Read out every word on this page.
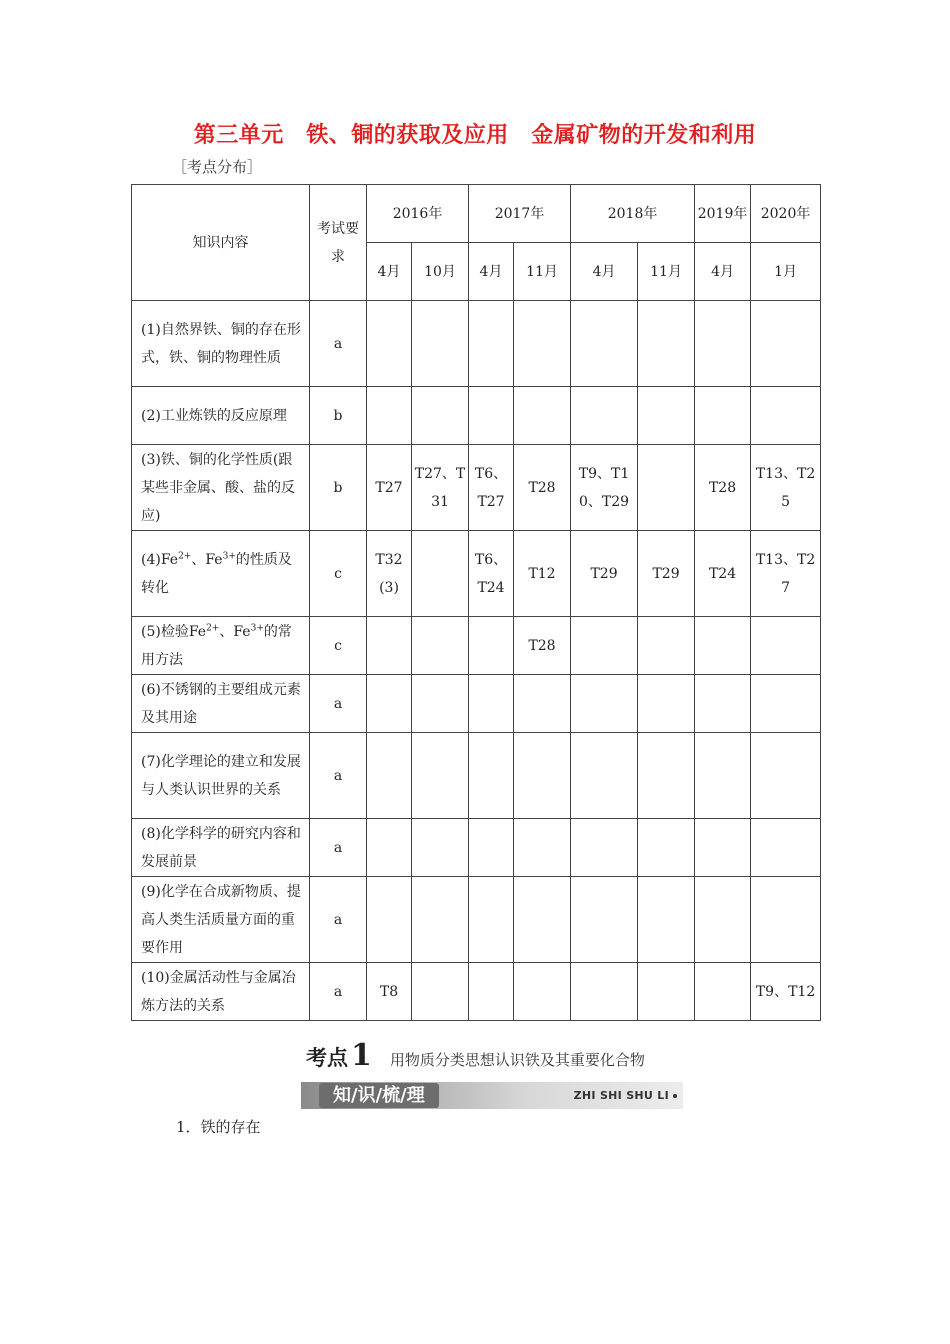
第三单元　铁、铜的获取及应用　金属矿物的开发和利用
［考点分布］
知识内容	考试要求	2016年		2017年		2018年		2019年	2020年
		4月	10月	4月	11月	4月	11月	4月	1月
(1)自然界铁、铜的存在形式，铁、铜的物理性质	a								
(2)工业炼铁的反应原理	b								
(3)铁、铜的化学性质(跟某些非金属、酸、盐的反应)	b	T27	T27、T31	T6、T27	T28	T9、T10、T29		T28	T13、T25
$(4)Fe^{2+}$、$Fe^{3+}$的性质及转化	c	T32(3)		T6、T24	T12	T29	T29	T24	T13、T27
(5)检验$Fe^{2+}$、$Fe^{3+}$的常用方法	c				T28				
(6)不锈钢的主要组成元素及其用途	a								
(7)化学理论的建立和发展与人类认识世界的关系	a								
(8)化学科学的研究内容和发展前景	a								
(9)化学在合成新物质、提高人类生活质量方面的重要作用	a								
(10)金属活动性与金属冶炼方法的关系	a	T8							T9、T12
考点 1 用物质分类思想认识铁及其重要化合物
知/识/梳/理	ZHI SHI SHU LI
1．铁的存在
